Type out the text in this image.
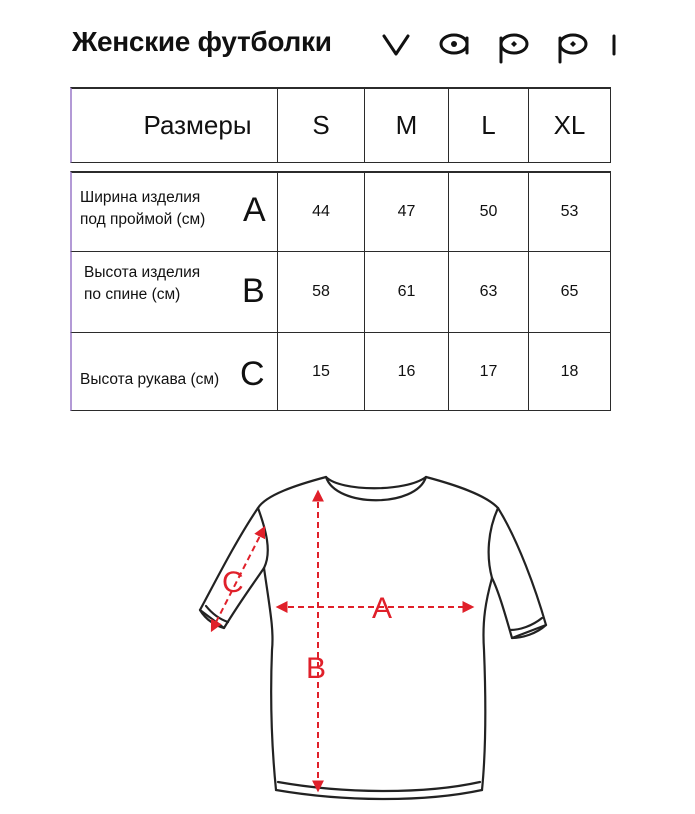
Женские футболки
Размеры	S	M	L	XL

Ширина изделия
под проймой (см) A	44	47	50	53

Высота изделия
по спине (см) B	58	61	63	65

Высота рукава (см) C	15	16	17	18
A
B
C
